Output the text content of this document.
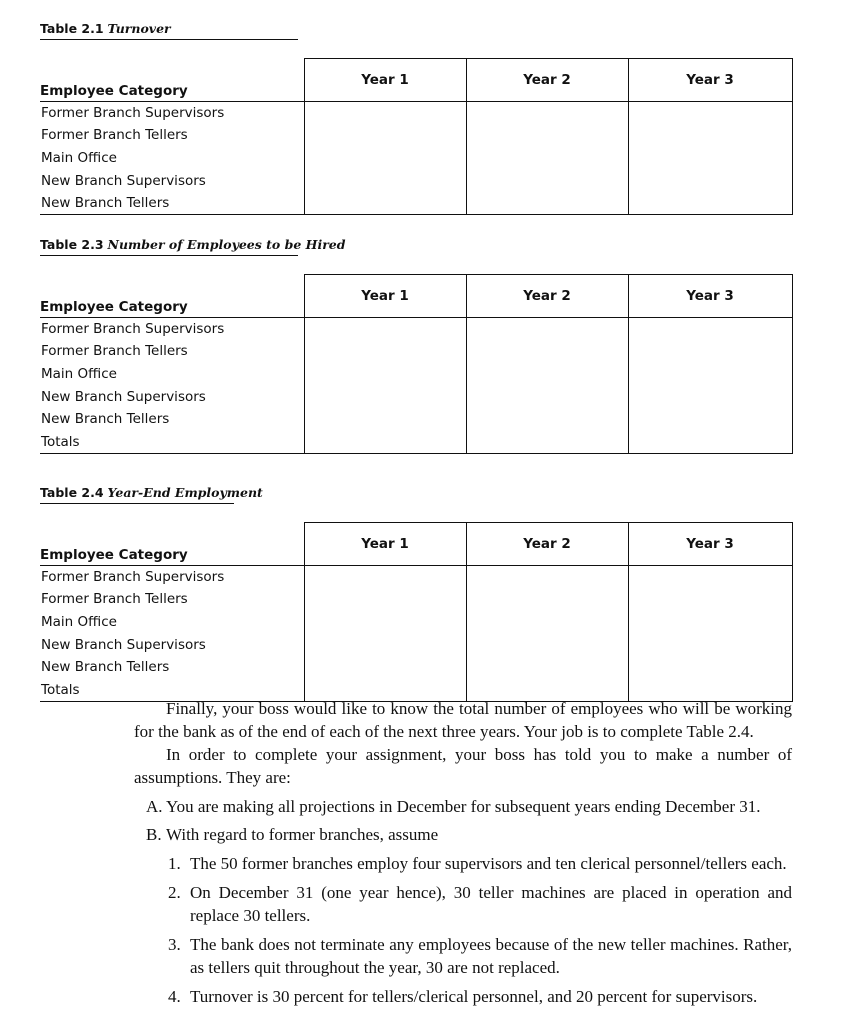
Table 2.1 Turnover
Employee Category	Year 1	Year 2	Year 3
Former Branch Supervisors			
Former Branch Tellers			
Main Office			
New Branch Supervisors			
New Branch Tellers			
Table 2.3 Number of Employees to be Hired
Employee Category	Year 1	Year 2	Year 3
Former Branch Supervisors			
Former Branch Tellers			
Main Office			
New Branch Supervisors			
New Branch Tellers			
Totals			
Table 2.4 Year-End Employment
Employee Category	Year 1	Year 2	Year 3
Former Branch Supervisors			
Former Branch Tellers			
Main Office			
New Branch Supervisors			
New Branch Tellers			
Totals			

Finally, your boss would like to know the total number of employees who will be working for the bank as of the end of each of the next three years. Your job is to complete Table 2.4.

In order to complete your assignment, your boss has told you to make a number of assumptions. They are:

A. You are making all projections in December for subsequent years ending December 31.
B. With regard to former branches, assume
1. The 50 former branches employ four supervisors and ten clerical personnel/tellers each.
2. On December 31 (one year hence), 30 teller machines are placed in operation and replace 30 tellers.
3. The bank does not terminate any employees because of the new teller machines. Rather, as tellers quit throughout the year, 30 are not replaced.
4. Turnover is 30 percent for tellers/clerical personnel, and 20 percent for supervisors.
